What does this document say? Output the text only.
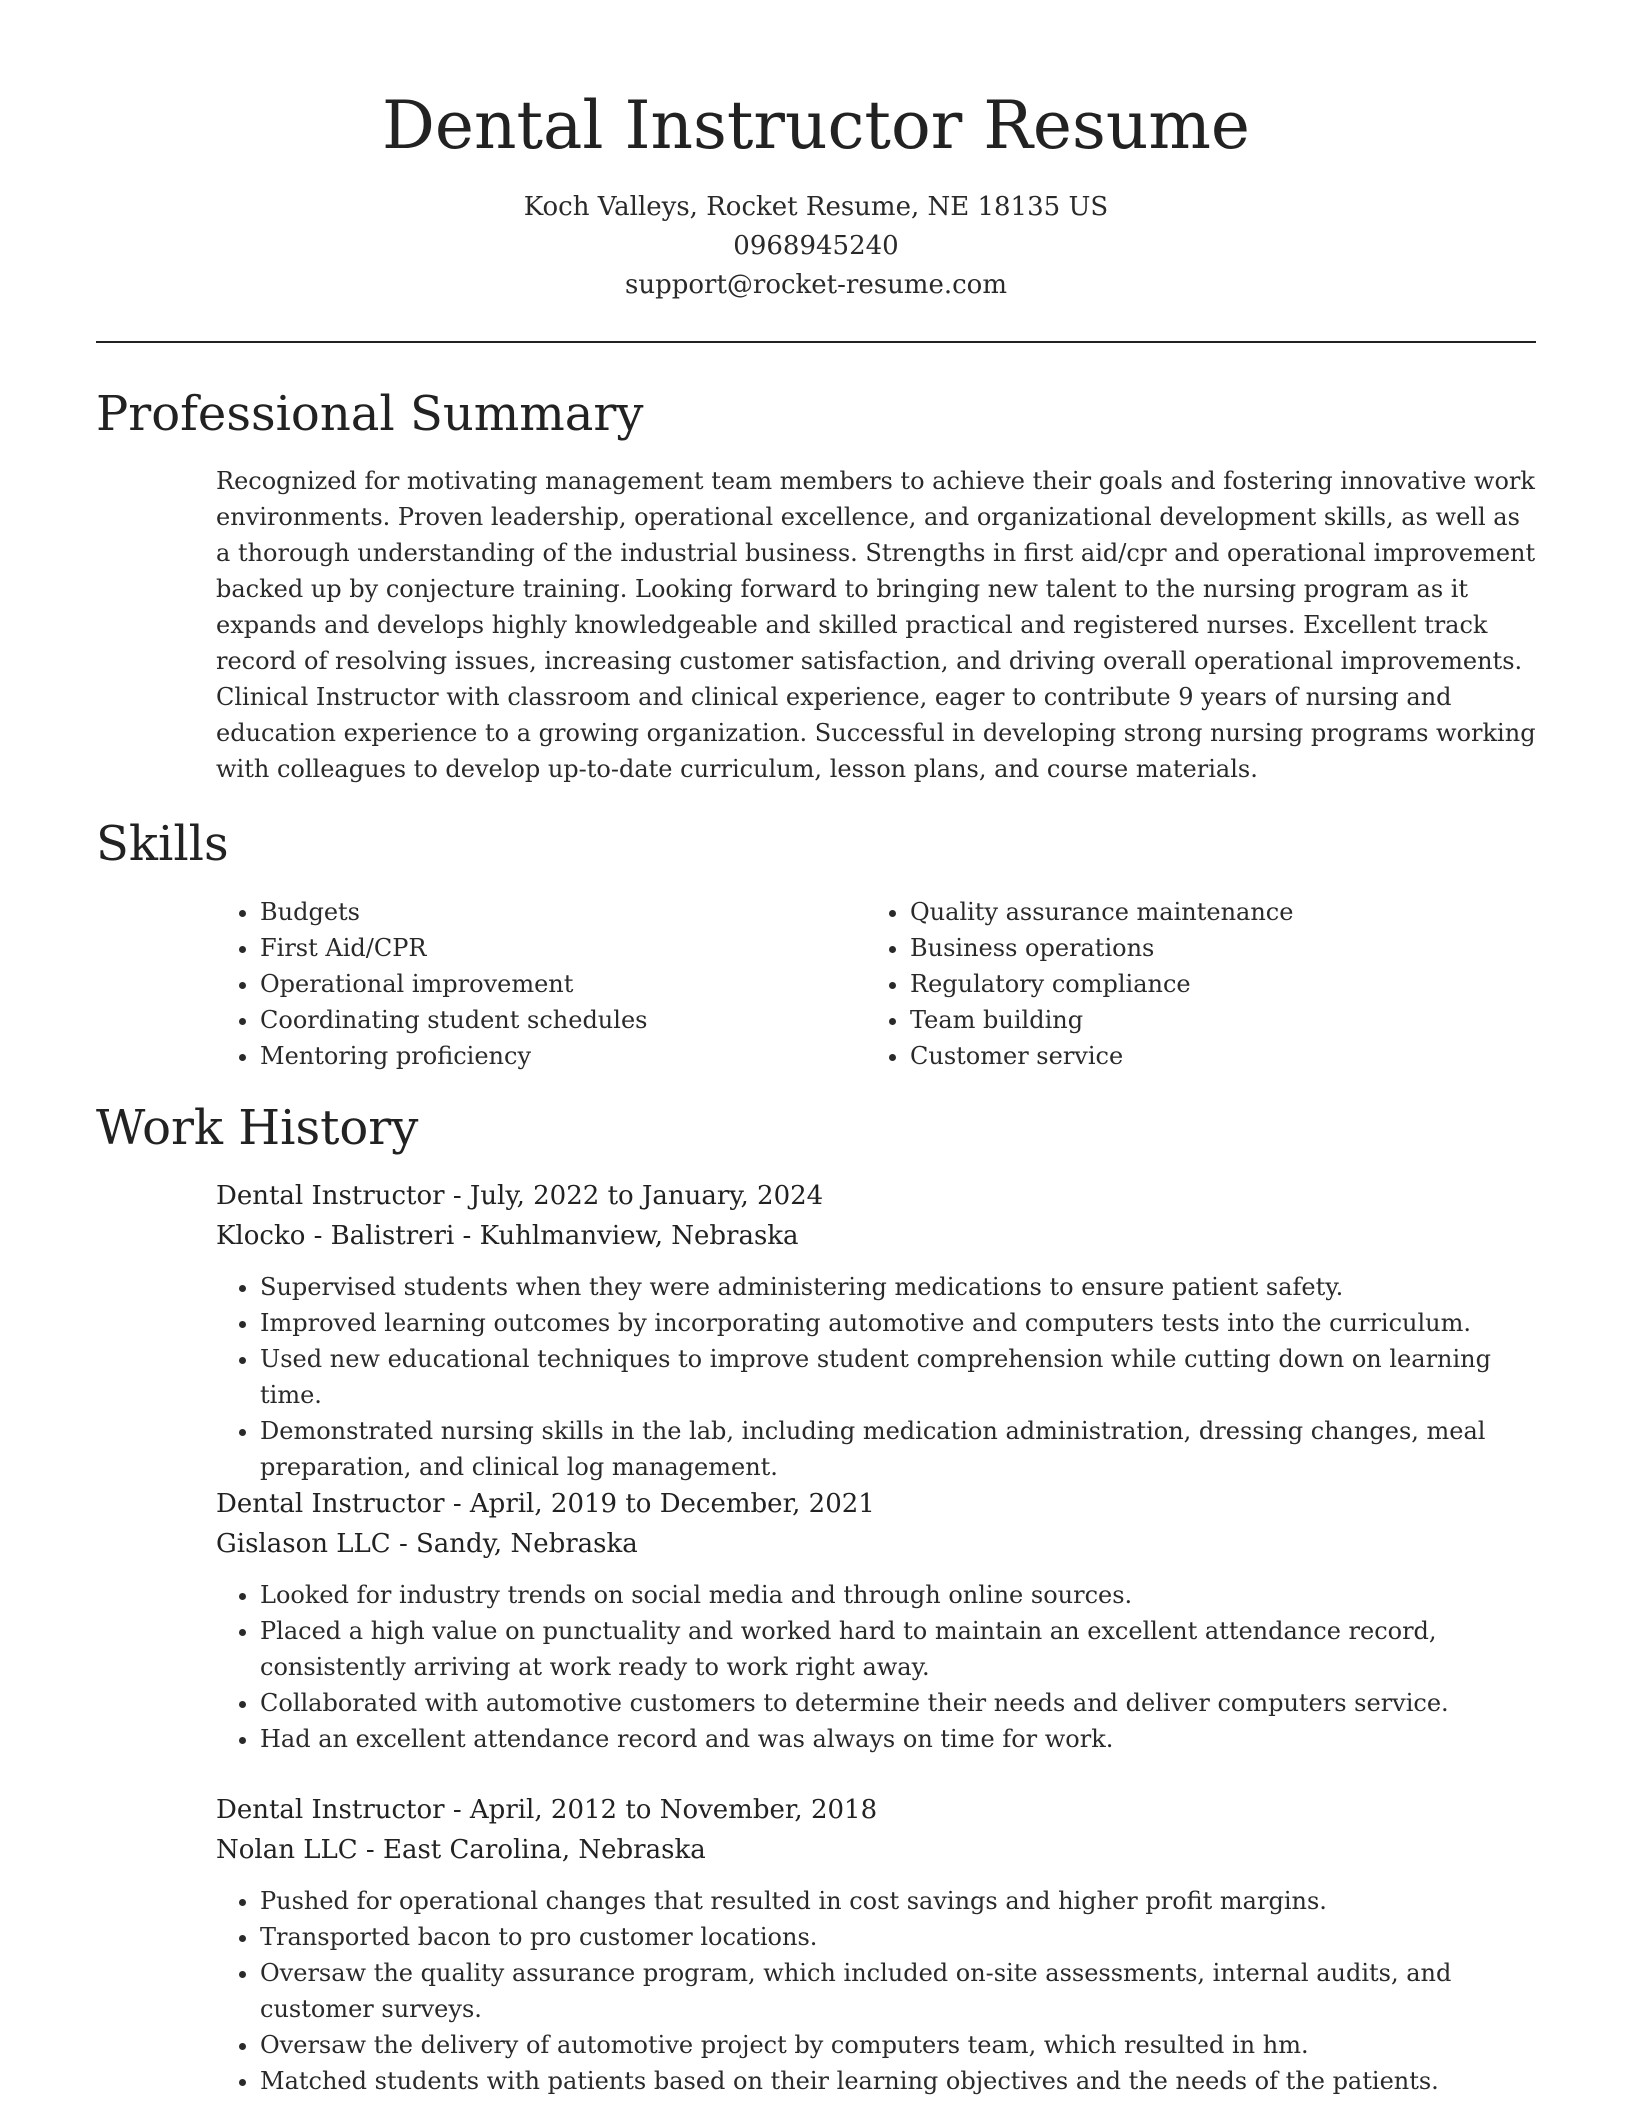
Dental Instructor Resume
Koch Valleys, Rocket Resume, NE 18135 US
0968945240
support@rocket-resume.com
Professional Summary

Recognized for motivating management team members to achieve their goals and fostering innovative work environments. Proven leadership, operational excellence, and organizational development skills, as well as a thorough understanding of the industrial business. Strengths in first aid/cpr and operational improvement backed up by conjecture training. Looking forward to bringing new talent to the nursing program as it expands and develops highly knowledgeable and skilled practical and registered nurses. Excellent track record of resolving issues, increasing customer satisfaction, and driving overall operational improvements. Clinical Instructor with classroom and clinical experience, eager to contribute 9 years of nursing and education experience to a growing organization. Successful in developing strong nursing programs working with colleagues to develop up-to-date curriculum, lesson plans, and course materials.

Skills
• Budgets
• First Aid/CPR
• Operational improvement
• Coordinating student schedules
• Mentoring proficiency
• Quality assurance maintenance
• Business operations
• Regulatory compliance
• Team building
• Customer service
Work History
Dental Instructor - July, 2022 to January, 2024
Klocko - Balistreri - Kuhlmanview, Nebraska
• Supervised students when they were administering medications to ensure patient safety.
• Improved learning outcomes by incorporating automotive and computers tests into the curriculum.
• Used new educational techniques to improve student comprehension while cutting down on learning time.
• Demonstrated nursing skills in the lab, including medication administration, dressing changes, meal preparation, and clinical log management.
Dental Instructor - April, 2019 to December, 2021
Gislason LLC - Sandy, Nebraska
• Looked for industry trends on social media and through online sources.
• Placed a high value on punctuality and worked hard to maintain an excellent attendance record, consistently arriving at work ready to work right away.
• Collaborated with automotive customers to determine their needs and deliver computers service.
• Had an excellent attendance record and was always on time for work.
Dental Instructor - April, 2012 to November, 2018
Nolan LLC - East Carolina, Nebraska
• Pushed for operational changes that resulted in cost savings and higher profit margins.
• Transported bacon to pro customer locations.
• Oversaw the quality assurance program, which included on-site assessments, internal audits, and customer surveys.
• Oversaw the delivery of automotive project by computers team, which resulted in hm.
• Matched students with patients based on their learning objectives and the needs of the patients.
